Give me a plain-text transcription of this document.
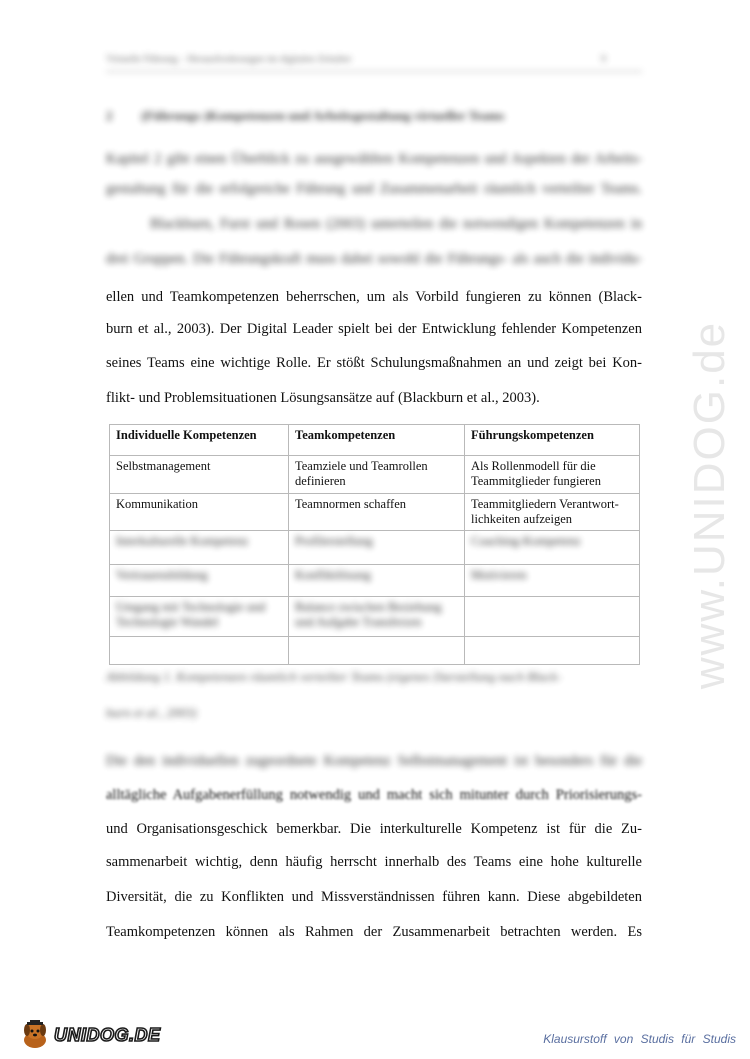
Virtuelle Führung – Herausforderungen im digitalen Zeitalter	9
2 (Führungs-)Kompetenzen und Arbeitsgestaltung virtueller Teams
www.UNIDOG.de
Kapitel 2 gibt einen Überblick zu ausgewählten Kompetenzen und Aspekten der Arbeits-
gestaltung für die erfolgreiche Führung und Zusammenarbeit räumlich verteilter Teams.
Blackburn, Furst und Rosen (2003) unterteilen die notwendigen Kompetenzen in
drei Gruppen. Die Führungskraft muss dabei sowohl die Führungs- als auch die individu-
ellen und Teamkompetenzen beherrschen, um als Vorbild fungieren zu können (Black-
burn et al., 2003). Der Digital Leader spielt bei der Entwicklung fehlender Kompetenzen
seines Teams eine wichtige Rolle. Er stößt Schulungsmaßnahmen an und zeigt bei Kon-
flikt- und Problemsituationen Lösungsansätze auf (Blackburn et al., 2003).
Individuelle Kompetenzen	Teamkompetenzen	Führungskompetenzen
Selbstmanagement	Teamziele und Teamrollen definieren	Als Rollenmodell für die Teammitglieder fungieren
Kommunikation	Teamnormen schaffen	Teammitgliedern Verantwort-lichkeiten aufzeigen
Interkulturelle Kompetenz	Profilerstellung	Coaching-Kompetenz
Vertrauensbildung	Konfliktlösung	Motivieren
Umgang mit Technologie und Technologie Wandel	Balance zwischen Beziehung und Aufgabe Transferzen	

Abbildung 1. Kompetenzen räumlich verteilter Teams (eigenes Darstellung nach Black-
burn et al., 2003)
Die den individuellen zugeordnete Kompetenz Selbstmanagement ist besonders für die
alltägliche Aufgabenerfüllung notwendig und macht sich mitunter durch Priorisierungs-
und Organisationsgeschick bemerkbar. Die interkulturelle Kompetenz ist für die Zu-
sammenarbeit wichtig, denn häufig herrscht innerhalb des Teams eine hohe kulturelle
Diversität, die zu Konflikten und Missverständnissen führen kann. Diese abgebildeten
Teamkompetenzen können als Rahmen der Zusammenarbeit betrachten werden. Es
UNIDOG.DE	Klausurstoff von Studis für Studis
